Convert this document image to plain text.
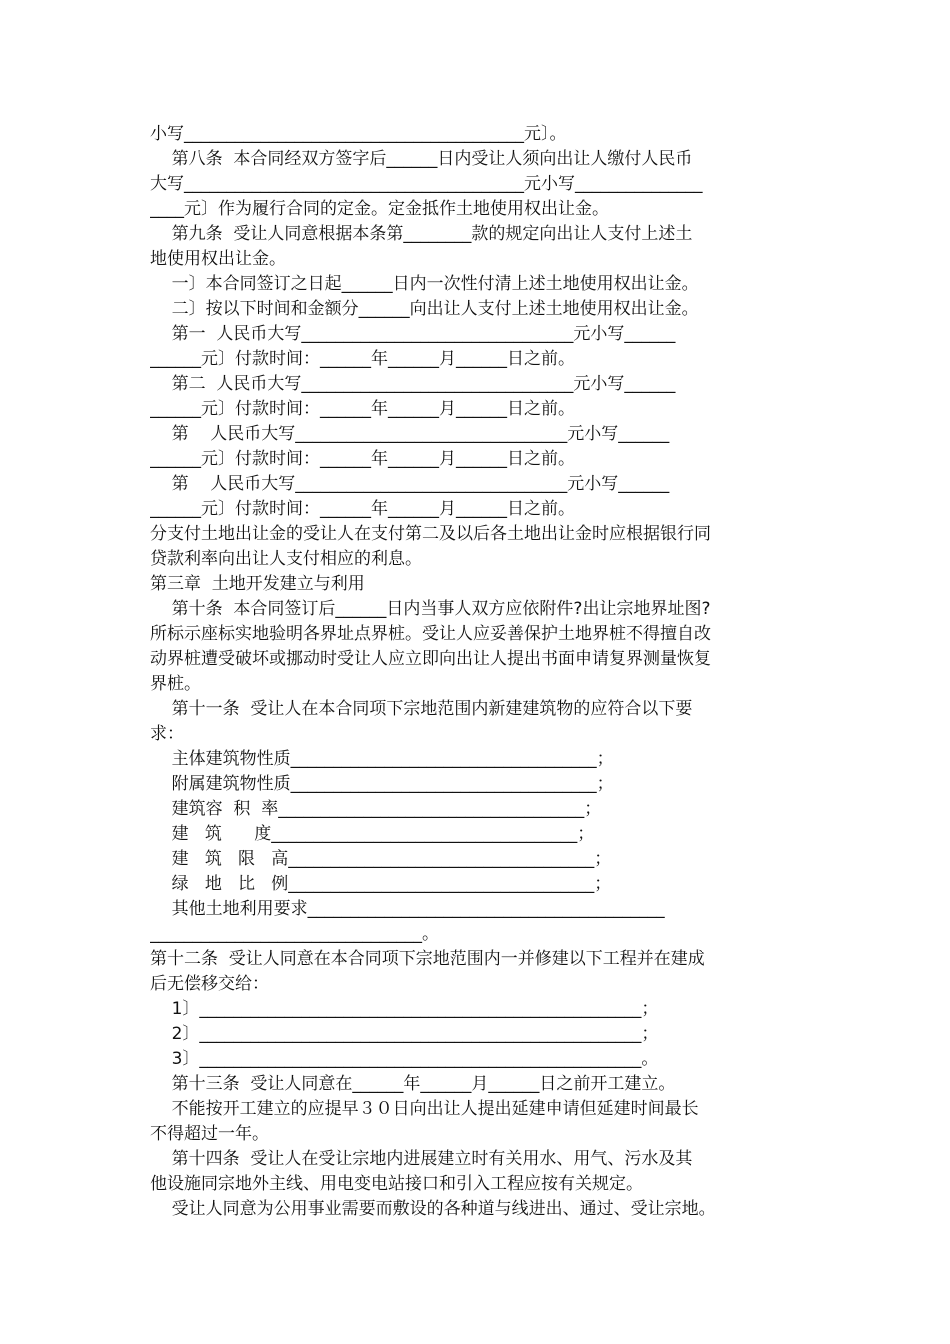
小写________________________________________元〕。
第八条  本合同经双方签字后______日内受让人须向出让人缴付人民币
大写________________________________________元小写_______________
____元〕作为履行合同的定金。定金抵作土地使用权出让金。
第九条  受让人同意根据本条第________款的规定向出让人支付上述土
地使用权出让金。
一〕本合同签订之日起______日内一次性付清上述土地使用权出让金。
二〕按以下时间和金额分______向出让人支付上述土地使用权出让金。
第一  人民币大写________________________________元小写______
______元〕付款时间：______年______月______日之前。
第二  人民币大写________________________________元小写______
______元〕付款时间：______年______月______日之前。
第    人民币大写________________________________元小写______
______元〕付款时间：______年______月______日之前。
第    人民币大写________________________________元小写______
______元〕付款时间：______年______月______日之前。
分支付土地出让金的受让人在支付第二及以后各土地出让金时应根据银行同
贷款利率向出让人支付相应的利息。
第三章  土地开发建立与利用
第十条  本合同签订后______日内当事人双方应依附件?出让宗地界址图?
所标示座标实地验明各界址点界桩。受让人应妥善保护土地界桩不得擅自改
动界桩遭受破坏或挪动时受让人应立即向出让人提出书面申请复界测量恢复
界桩。
第十一条  受让人在本合同项下宗地范围内新建建筑物的应符合以下要
求：
主体建筑物性质____________________________________；
附属建筑物性质____________________________________；
建筑容  积  率____________________________________；
建   筑      度____________________________________；
建   筑   限   高____________________________________；
绿   地   比   例____________________________________；
其他土地利用要求__________________________________________
________________________________。
第十二条  受让人同意在本合同项下宗地范围内一并修建以下工程并在建成
后无偿移交给：
1〕____________________________________________________；
2〕____________________________________________________；
3〕____________________________________________________。
第十三条  受让人同意在______年______月______日之前开工建立。
不能按开工建立的应提早３０日向出让人提出延建申请但延建时间最长
不得超过一年。
第十四条  受让人在受让宗地内进展建立时有关用水、用气、污水及其
他设施同宗地外主线、用电变电站接口和引入工程应按有关规定。
受让人同意为公用事业需要而敷设的各种道与线进出、通过、受让宗地。
